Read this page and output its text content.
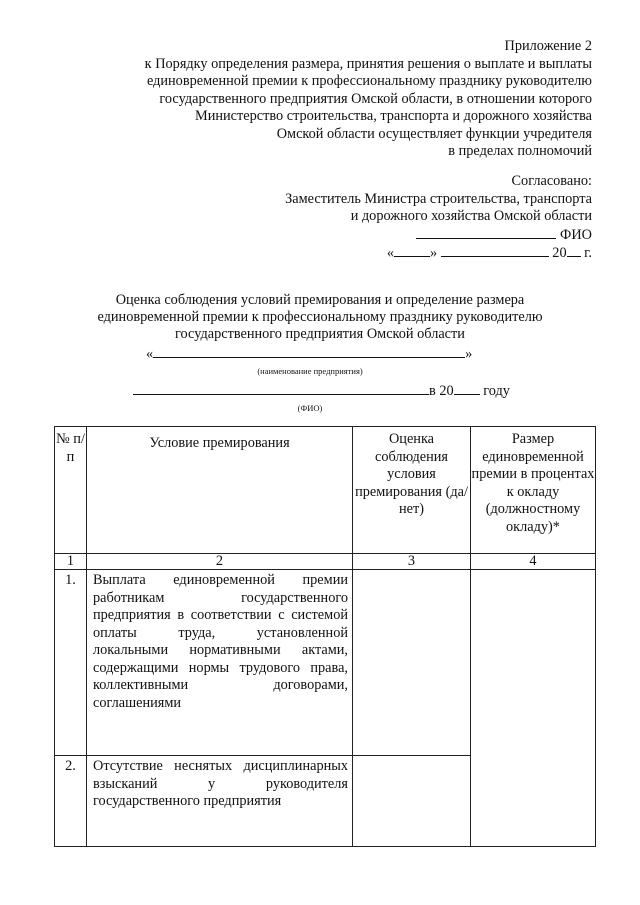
Приложение 2
к Порядку определения размера, принятия решения о выплате и выплаты
единовременной премии к профессиональному празднику руководителю
государственного предприятия Омской области, в отношении которого
Министерство строительства, транспорта и дорожного хозяйства
Омской области осуществляет функции учредителя
в пределах полномочий
Согласовано:
Заместитель Министра строительства, транспорта
и дорожного хозяйства Омской области
ФИО
«	»	20 г.
Оценка соблюдения условий премирования и определение размера
единовременной премии к профессиональному празднику руководителю
государственного предприятия Омской области
«	»
(наименование предприятия)
в 20 году
(ФИО)
№ п/п	Условие премирования	Оценка соблюдения условия премирования (да/нет)	Размер единовременной премии в процентах к окладу (должностному окладу)*
1	2	3	4
1.	Выплата единовременной премии работникам государственного предприятия в соответствии с системой оплаты труда, установленной локальными нормативными актами, содержащими нормы трудового права, коллективными договорами, соглашениями		
2.	Отсутствие неснятых дисциплинарных взысканий у руководителя государственного предприятия		
